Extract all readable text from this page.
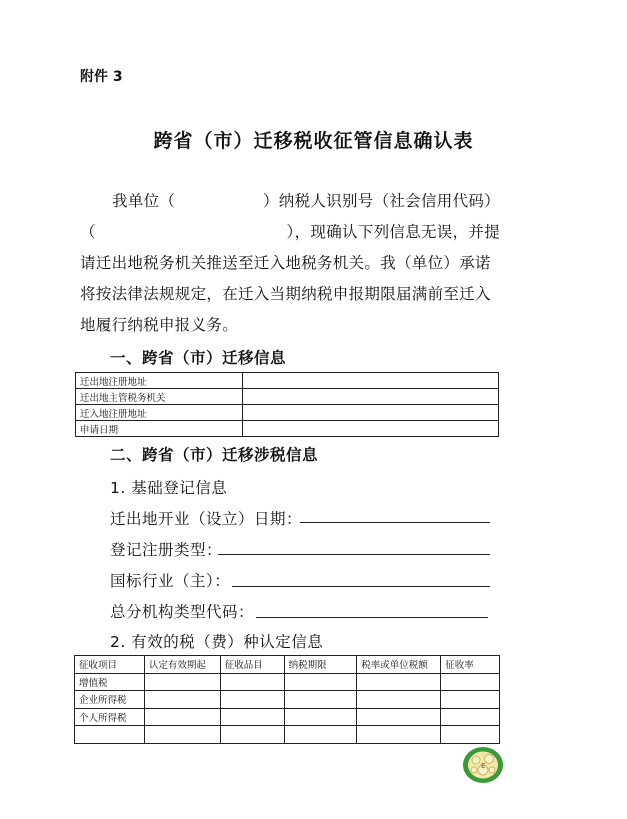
附件 3
跨省（市）迁移税收征管信息确认表
我单位（	）纳税人识别号（社会信用代码）
（	），现确认下列信息无误，并提
请迁出地税务机关推送至迁入地税务机关。我（单位）承诺
将按法律法规规定，在迁入当期纳税申报期限届满前至迁入
地履行纳税申报义务。
一、跨省（市）迁移信息
迁出地注册地址	
迁出地主管税务机关	
迁入地注册地址	
申请日期	
二、跨省（市）迁移涉税信息
1. 基础登记信息
迁出地开业（设立）日期：
登记注册类型：
国标行业（主）：
总分机构类型代码：
2. 有效的税（费）种认定信息
征收项目	认定有效期起	征收品目	纳税期限	税率或单位税额	征收率
增值税					
企业所得税					
个人所得税					

E
